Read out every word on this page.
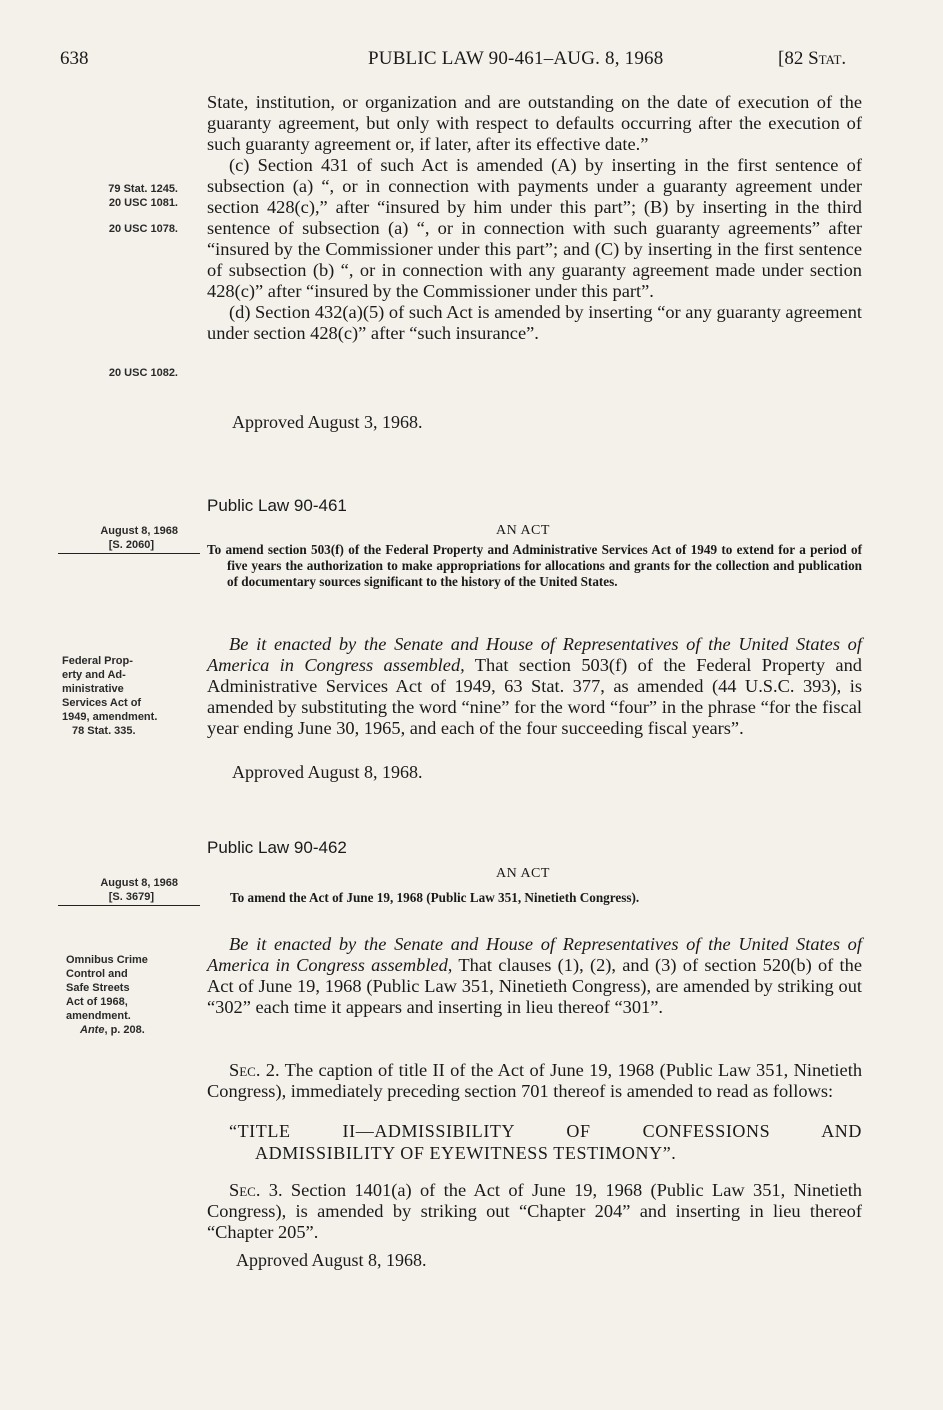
638	PUBLIC LAW 90-461–AUG. 8, 1968	[82 Stat.
79 Stat. 1245.
20 USC 1081.
20 USC 1078.
20 USC 1082.
August 8, 1968
[S. 2060]
Federal Prop-
erty and Ad-
ministrative
Services Act of
1949, amendment.
78 Stat. 335.
August 8, 1968
[S. 3679]
Omnibus Crime
Control and
Safe Streets
Act of 1968,
amendment.
Ante, p. 208.

State, institution, or organization and are outstanding on the date of execution of the guaranty agreement, but only with respect to defaults occurring after the execution of such guaranty agreement or, if later, after its effective date.”

(c) Section 431 of such Act is amended (A) by inserting in the first sentence of subsection (a) “, or in connection with payments under a guaranty agreement under section 428(c),” after “insured by him under this part”; (B) by inserting in the third sentence of subsection (a) “, or in connection with such guaranty agreements” after “insured by the Commissioner under this part”; and (C) by inserting in the first sentence of subsection (b) “, or in connection with any guaranty agreement made under section 428(c)” after “insured by the Commissioner under this part”.

(d) Section 432(a)(5) of such Act is amended by inserting “or any guaranty agreement under section 428(c)” after “such insurance”.

Approved August 3, 1968.
Public Law 90-461
AN ACT
To amend section 503(f) of the Federal Property and Administrative Services Act of 1949 to extend for a period of five years the authorization to make appropriations for allocations and grants for the collection and publication of documentary sources significant to the history of the United States.
Be it enacted by the Senate and House of Representatives of the United States of America in Congress assembled, That section 503(f) of the Federal Property and Administrative Services Act of 1949, 63 Stat. 377, as amended (44 U.S.C. 393), is amended by substituting the word “nine” for the word “four” in the phrase “for the fiscal year ending June 30, 1965, and each of the four succeeding fiscal years”.
Approved August 8, 1968.
Public Law 90-462
AN ACT
To amend the Act of June 19, 1968 (Public Law 351, Ninetieth Congress).
Be it enacted by the Senate and House of Representatives of the United States of America in Congress assembled, That clauses (1), (2), and (3) of section 520(b) of the Act of June 19, 1968 (Public Law 351, Ninetieth Congress), are amended by striking out “302” each time it appears and inserting in lieu thereof “301”.
Sec. 2. The caption of title II of the Act of June 19, 1968 (Public Law 351, Ninetieth Congress), immediately preceding section 701 thereof is amended to read as follows:
“TITLE II—ADMISSIBILITY OF CONFESSIONS AND
ADMISSIBILITY OF EYEWITNESS TESTIMONY”.
Sec. 3. Section 1401(a) of the Act of June 19, 1968 (Public Law 351, Ninetieth Congress), is amended by striking out “Chapter 204” and inserting in lieu thereof “Chapter 205”.
Approved August 8, 1968.
